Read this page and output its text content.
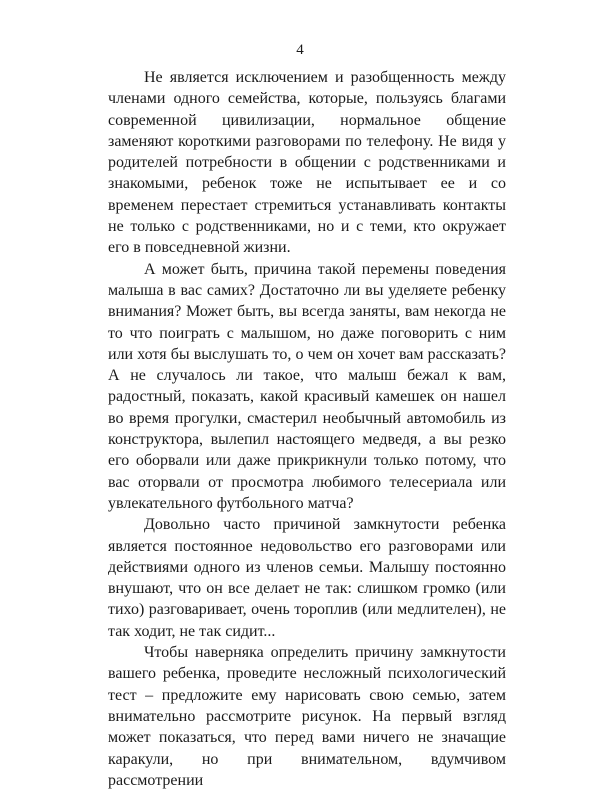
4

Не является исключением и разобщенность между членами одного семейства, которые, пользуясь благами современной цивилизации, нормальное общение заменяют короткими разговорами по телефону. Не видя у родителей потребности в общении с родственниками и знакомыми, ребенок тоже не испытывает ее и со временем перестает стремиться устанавливать контакты не только с родственниками, но и с теми, кто окружает его в повседневной жизни.

А может быть, причина такой перемены поведения малыша в вас самих? Достаточно ли вы уделяете ребенку внимания? Может быть, вы всегда заняты, вам некогда не то что поиграть с малышом, но даже поговорить с ним или хотя бы выслушать то, о чем он хочет вам рассказать? А не случалось ли такое, что малыш бежал к вам, радостный, показать, какой красивый камешек он нашел во время прогулки, смастерил необычный автомобиль из конструктора, вылепил настоящего медведя, а вы резко его оборвали или даже прикрикнули только потому, что вас оторвали от просмотра любимого телесериала или увлекательного футбольного матча?

Довольно часто причиной замкнутости ребенка является постоянное недовольство его разговорами или действиями одного из членов семьи. Малышу постоянно внушают, что он все делает не так: слишком громко (или тихо) разговаривает, очень тороплив (или медлителен), не так ходит, не так сидит...

Чтобы наверняка определить причину замкнутости вашего ребенка, проведите несложный психологический тест – предложите ему нарисовать свою семью, затем внимательно рассмотрите рисунок. На первый взгляд может показаться, что перед вами ничего не значащие каракули, но при внимательном, вдумчивом рассмотрении
